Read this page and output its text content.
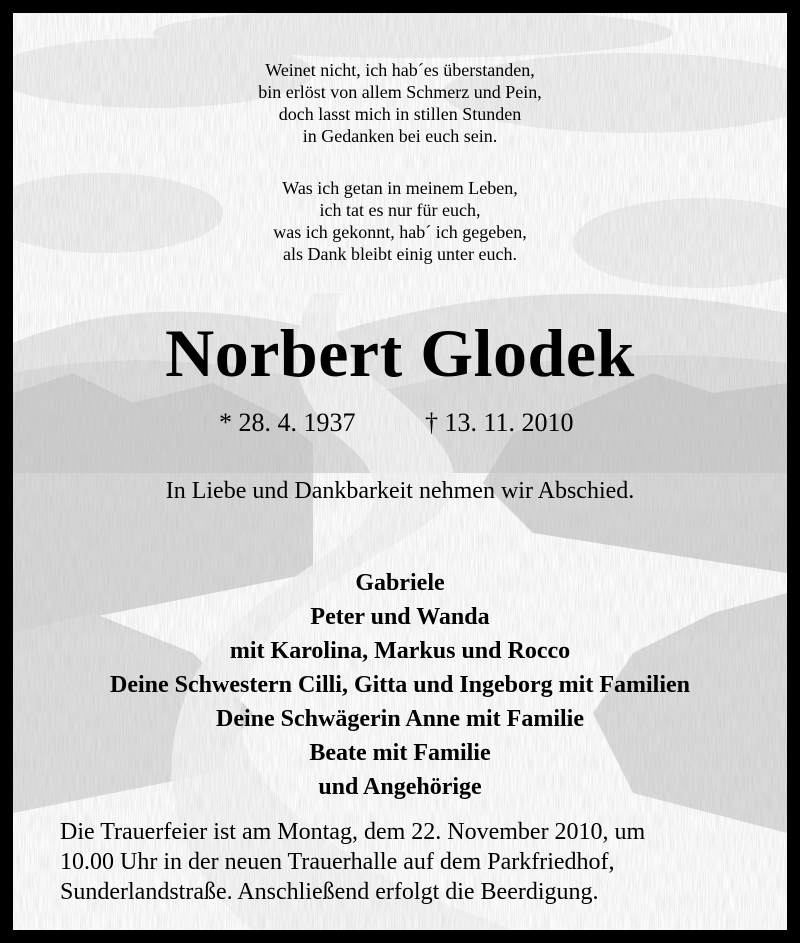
Weinet nicht, ich hab´es überstanden,
bin erlöst von allem Schmerz und Pein,
doch lasst mich in stillen Stunden
in Gedanken bei euch sein.
Was ich getan in meinem Leben,
ich tat es nur für euch,
was ich gekonnt, hab´ ich gegeben,
als Dank bleibt einig unter euch.
Norbert Glodek
* 28. 4. 1937	† 13. 11. 2010
In Liebe und Dankbarkeit nehmen wir Abschied.
Gabriele
Peter und Wanda
mit Karolina, Markus und Rocco
Deine Schwestern Cilli, Gitta und Ingeborg mit Familien
Deine Schwägerin Anne mit Familie
Beate mit Familie
und Angehörige
Die Trauerfeier ist am Montag, dem 22. November 2010, um
10.00 Uhr in der neuen Trauerhalle auf dem Parkfriedhof,
Sunderlandstraße. Anschließend erfolgt die Beerdigung.
